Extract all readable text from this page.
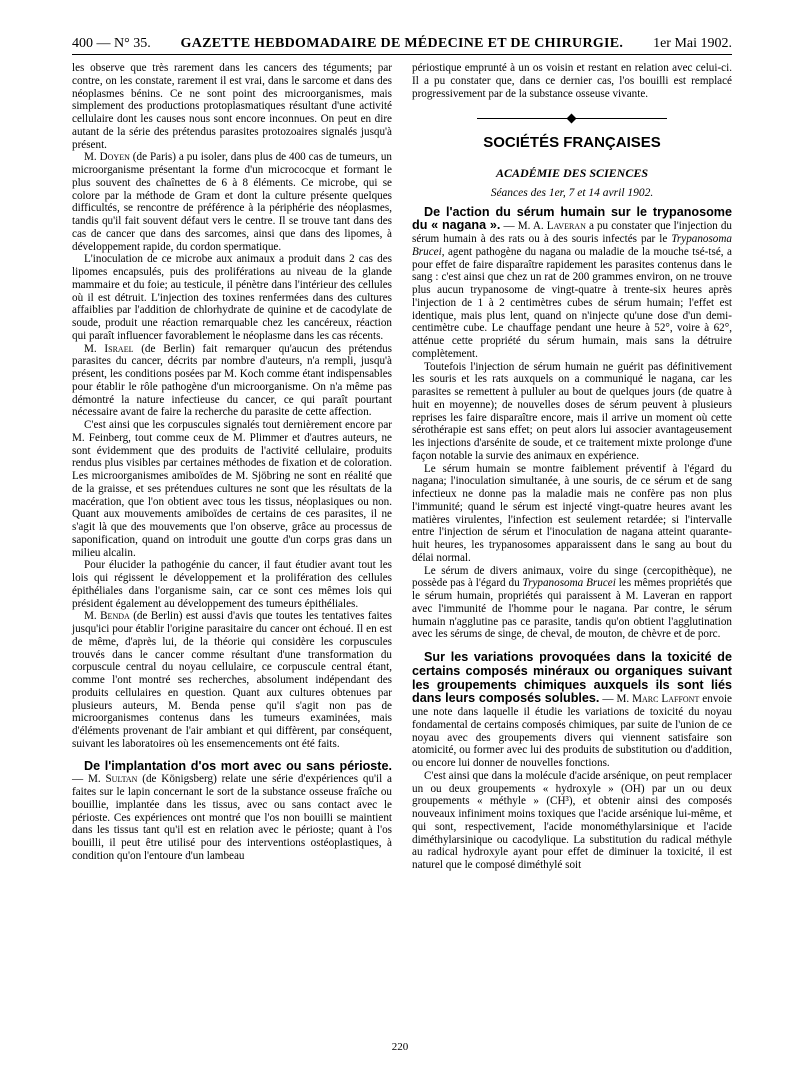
400 — N° 35. GAZETTE HEBDOMADAIRE DE MÉDECINE ET DE CHIRURGIE. 1er Mai 1902.

les observe que très rarement dans les cancers des téguments; par contre, on les constate, rarement il est vrai, dans le sarcome et dans des néoplasmes bénins. Ce ne sont point des microorganismes, mais simplement des productions protoplasmatiques résultant d'une activité cellulaire dont les causes nous sont encore inconnues. On peut en dire autant de la série des prétendus parasites protozoaires signalés jusqu'à présent.

M. Doyen (de Paris) a pu isoler, dans plus de 400 cas de tumeurs, un microorganisme présentant la forme d'un micrococque et formant le plus souvent des chaînettes de 6 à 8 éléments. Ce microbe, qui se colore par la méthode de Gram et dont la culture présente quelques difficultés, se rencontre de préférence à la périphérie des néoplasmes, tandis qu'il fait souvent défaut vers le centre. Il se trouve tant dans des cas de cancer que dans des sarcomes, ainsi que dans des lipomes, à développement rapide, du cordon spermatique.

L'inoculation de ce microbe aux animaux a produit dans 2 cas des lipomes encapsulés, puis des proliférations au niveau de la glande mammaire et du foie; au testicule, il pénètre dans l'intérieur des cellules où il est détruit. L'injection des toxines renfermées dans des cultures affaiblies par l'addition de chlorhydrate de quinine et de cacodylate de soude, produit une réaction remarquable chez les cancéreux, réaction qui paraît influencer favorablement le néoplasme dans les cas récents.

M. Israel (de Berlin) fait remarquer qu'aucun des prétendus parasites du cancer, décrits par nombre d'auteurs, n'a rempli, jusqu'à présent, les conditions posées par M. Koch comme étant indispensables pour établir le rôle pathogène d'un microorganisme. On n'a même pas démontré la nature infectieuse du cancer, ce qui paraît pourtant nécessaire avant de faire la recherche du parasite de cette affection.

C'est ainsi que les corpuscules signalés tout dernièrement encore par M. Feinberg, tout comme ceux de M. Plimmer et d'autres auteurs, ne sont évidemment que des produits de l'activité cellulaire, produits rendus plus visibles par certaines méthodes de fixation et de coloration. Les microorganismes amiboïdes de M. Sjöbring ne sont en réalité que de la graisse, et ses prétendues cultures ne sont que les résultats de la macération, que l'on obtient avec tous les tissus, néoplasiques ou non. Quant aux mouvements amiboïdes de certains de ces parasites, il ne s'agit là que des mouvements que l'on observe, grâce au processus de saponification, quand on introduit une goutte d'un corps gras dans un milieu alcalin.

Pour élucider la pathogénie du cancer, il faut étudier avant tout les lois qui régissent le développement et la prolifération des cellules épithéliales dans l'organisme sain, car ce sont ces mêmes lois qui président également au développement des tumeurs épithéliales.

M. Benda (de Berlin) est aussi d'avis que toutes les tentatives faites jusqu'ici pour établir l'origine parasitaire du cancer ont échoué. Il en est de même, d'après lui, de la théorie qui considère les corpuscules trouvés dans le cancer comme résultant d'une transformation du corpuscule central du noyau cellulaire, ce corpuscule central étant, comme l'ont montré ses recherches, absolument indépendant des produits cellulaires en question. Quant aux cultures obtenues par plusieurs auteurs, M. Benda pense qu'il s'agit non pas de microorganismes contenus dans les tumeurs examinées, mais d'éléments provenant de l'air ambiant et qui diffèrent, par conséquent, suivant les laboratoires où les ensemencements ont été faits.

De l'implantation d'os mort avec ou sans périoste. — M. Sultan (de Königsberg) relate une série d'expériences qu'il a faites sur le lapin concernant le sort de la substance osseuse fraîche ou bouillie, implantée dans les tissus, avec ou sans contact avec le périoste. Ces expériences ont montré que l'os non bouilli se maintient dans les tissus tant qu'il est en relation avec le périoste; quant à l'os bouilli, il peut être utilisé pour des interventions ostéoplastiques, à condition qu'on l'entoure d'un lambeau

périostique emprunté à un os voisin et restant en relation avec celui-ci. Il a pu constater que, dans ce dernier cas, l'os bouilli est remplacé progressivement par de la substance osseuse vivante.

SOCIÉTÉS FRANÇAISES
ACADÉMIE DES SCIENCES
Séances des 1er, 7 et 14 avril 1902.

De l'action du sérum humain sur le trypanosome du « nagana ». — M. A. Laveran a pu constater que l'injection du sérum humain à des rats ou à des souris infectés par le Trypanosoma Brucei, agent pathogène du nagana ou maladie de la mouche tsé-tsé, a pour effet de faire disparaître rapidement les parasites contenus dans le sang : c'est ainsi que chez un rat de 200 grammes environ, on ne trouve plus aucun trypanosome de vingt-quatre à trente-six heures après l'injection de 1 à 2 centimètres cubes de sérum humain; l'effet est identique, mais plus lent, quand on n'injecte qu'une dose d'un demi-centimètre cube. Le chauffage pendant une heure à 52°, voire à 62°, atténue cette propriété du sérum humain, mais sans la détruire complètement.

Toutefois l'injection de sérum humain ne guérit pas définitivement les souris et les rats auxquels on a communiqué le nagana, car les parasites se remettent à pulluler au bout de quelques jours (de quatre à huit en moyenne); de nouvelles doses de sérum peuvent à plusieurs reprises les faire disparaître encore, mais il arrive un moment où cette sérothérapie est sans effet; on peut alors lui associer avantageusement les injections d'arsénite de soude, et ce traitement mixte prolonge d'une façon notable la survie des animaux en expérience.

Le sérum humain se montre faiblement préventif à l'égard du nagana; l'inoculation simultanée, à une souris, de ce sérum et de sang infectieux ne donne pas la maladie mais ne confère pas non plus l'immunité; quand le sérum est injecté vingt-quatre heures avant les matières virulentes, l'infection est seulement retardée; si l'intervalle entre l'injection de sérum et l'inoculation de nagana atteint quarante-huit heures, les trypanosomes apparaissent dans le sang au bout du délai normal.

Le sérum de divers animaux, voire du singe (cercopithèque), ne possède pas à l'égard du Trypanosoma Brucei les mêmes propriétés que le sérum humain, propriétés qui paraissent à M. Laveran en rapport avec l'immunité de l'homme pour le nagana. Par contre, le sérum humain n'agglutine pas ce parasite, tandis qu'on obtient l'agglutination avec les sérums de singe, de cheval, de mouton, de chèvre et de porc.

Sur les variations provoquées dans la toxicité de certains composés minéraux ou organiques suivant les groupements chimiques auxquels ils sont liés dans leurs composés solubles. — M. Marc Laffont envoie une note dans laquelle il étudie les variations de toxicité du noyau fondamental de certains composés chimiques, par suite de l'union de ce noyau avec des groupements divers qui viennent satisfaire son atomicité, ou former avec lui des produits de substitution ou d'addition, ou encore lui donner de nouvelles fonctions.

C'est ainsi que dans la molécule d'acide arsénique, on peut remplacer un ou deux groupements « hydroxyle » (OH) par un ou deux groupements « méthyle » (CH³), et obtenir ainsi des composés nouveaux infiniment moins toxiques que l'acide arsénique lui-même, et qui sont, respectivement, l'acide monométhylarsinique et l'acide diméthylarsinique ou cacodylique. La substitution du radical méthyle au radical hydroxyle ayant pour effet de diminuer la toxicité, il est naturel que le composé diméthylé soit

220
